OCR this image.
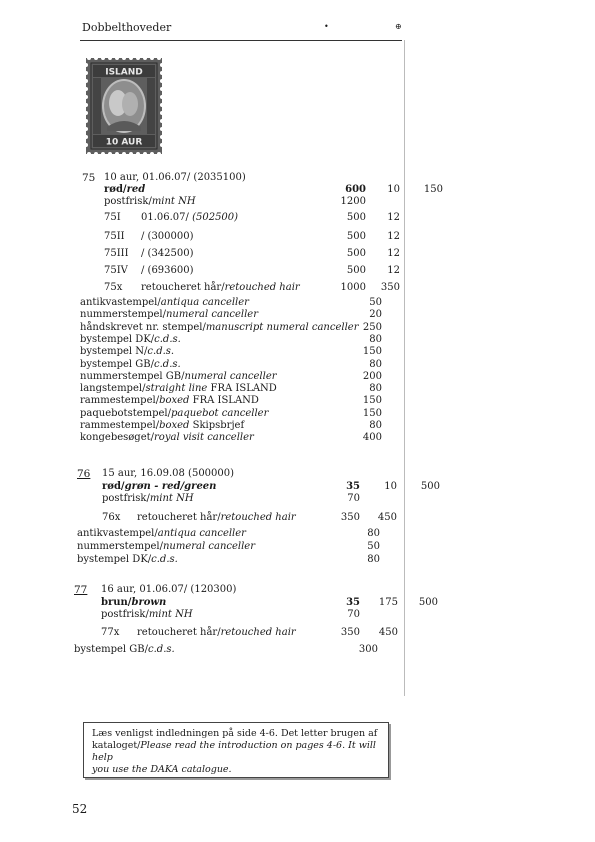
Dobbelthoveder	•	⊕
ISLAND
10 AUR
75 10 aur, 01.06.07/ (2035100)
rød/red	600	10	150
postfrisk/mint NH	1200
75I 01.06.07/ (502500)	500	12
75II / (300000)	500	12
75III / (342500)	500	12
75IV / (693600)	500	12
75x retoucheret hår/retouched hair	1000	350
antikvastempel/antiqua canceller	50
nummerstempel/numeral canceller	20
håndskrevet nr. stempel/manuscript numeral canceller 250
bystempel DK/c.d.s.	80
bystempel N/c.d.s.	150
bystempel GB/c.d.s.	80
nummerstempel GB/numeral canceller	200
langstempel/straight line FRA ISLAND	80
rammestempel/boxed FRA ISLAND	150
paquebotstempel/paquebot canceller	150
rammestempel/boxed Skipsbrjef	80
kongebesøget/royal visit canceller	400
76 15 aur, 16.09.08 (500000)
rød/grøn - red/green	35	10	500
postfrisk/mint NH	70
76x retoucheret hår/retouched hair	350	450
antikvastempel/antiqua canceller	80
nummerstempel/numeral canceller	50
bystempel DK/c.d.s.	80
77 16 aur, 01.06.07/ (120300)
brun/brown	35	175	500
postfrisk/mint NH	70
77x retoucheret hår/retouched hair	350	450
bystempel GB/c.d.s.	300
Læs venligst indledningen på side 4-6. Det letter brugen af
kataloget/Please read the introduction on pages 4-6. It will help
you use the DAKA catalogue.
52
